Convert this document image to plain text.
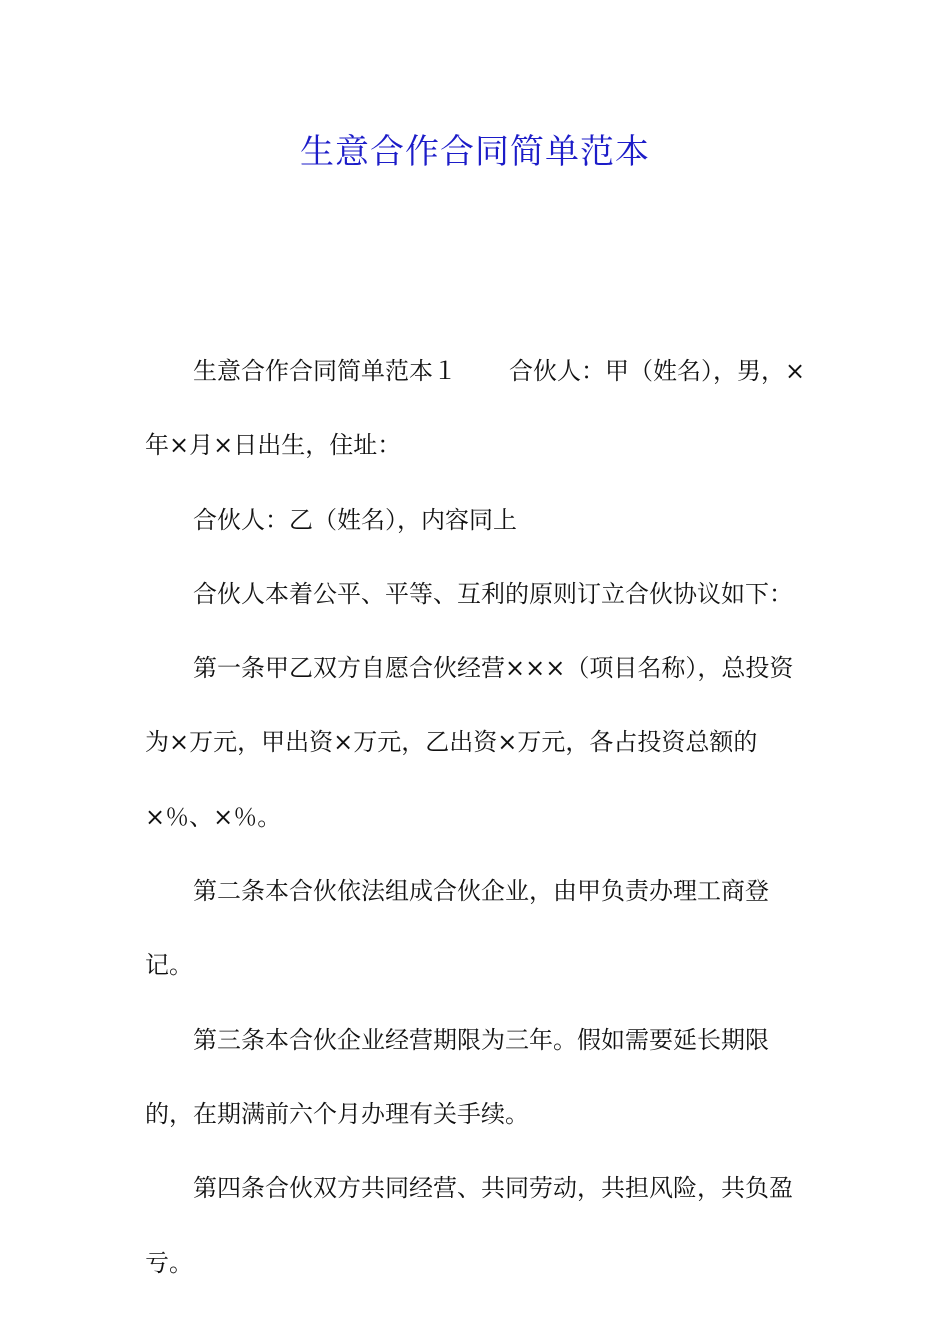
生意合作合同简单范本

生意合作合同简单范本１ 合伙人：甲（姓名），男，×年×月×日出生，住址：

合伙人：乙（姓名），内容同上

合伙人本着公平、平等、互利的原则订立合伙协议如下：

第一条甲乙双方自愿合伙经营×××（项目名称），总投资为×万元，甲出资×万元，乙出资×万元，各占投资总额的×％、×％。

第二条本合伙依法组成合伙企业，由甲负责办理工商登记。

第三条本合伙企业经营期限为三年。假如需要延长期限的，在期满前六个月办理有关手续。

第四条合伙双方共同经营、共同劳动，共担风险，共负盈亏。
